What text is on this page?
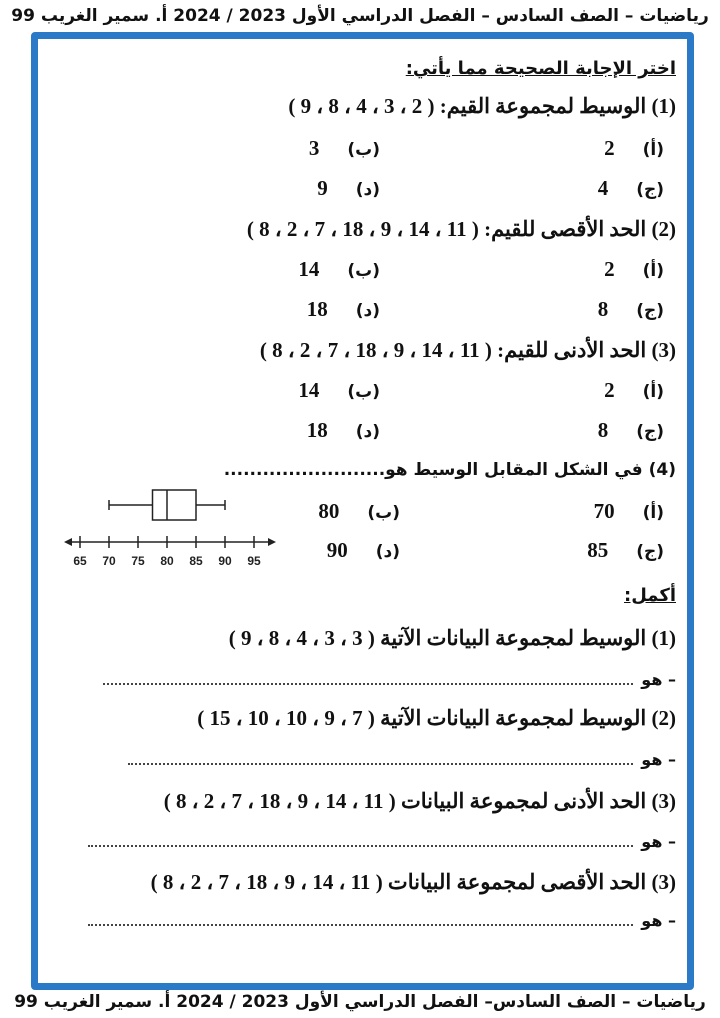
رياضيات – الصف السادس – الفصل الدراسي الأول 2023 / 2024 أ. سمير الغريب 99
اختر الإجابة الصحيحة مما يأتي:
(1) الوسيط لمجموعة القيم: ( 2 ، 3 ، 4 ، 8 ، 9 )
(أ)2
(ب)3
(ج)4
(د)9
(2) الحد الأقصى للقيم: ( 11 ، 14 ، 9 ، 18 ، 7 ، 2 ، 8 )
(أ)2
(ب)14
(ج)8
(د)18
(3) الحد الأدنى للقيم: ( 11 ، 14 ، 9 ، 18 ، 7 ، 2 ، 8 )
(أ)2
(ب)14
(ج)8
(د)18
(4) في الشكل المقابل الوسيط هو.........................
(أ)70
(ب)80
(ج)85
(د)90
65 70 75 80 85 90 95
أكمل:
(1) الوسيط لمجموعة البيانات الآتية ( 3 ، 3 ، 4 ، 8 ، 9 )
– هو
(2) الوسيط لمجموعة البيانات الآتية ( 7 ، 9 ، 10 ، 10 ، 15 )
– هو
(3) الحد الأدنى لمجموعة البيانات ( 11 ، 14 ، 9 ، 18 ، 7 ، 2 ، 8 )
– هو
(3) الحد الأقصى لمجموعة البيانات ( 11 ، 14 ، 9 ، 18 ، 7 ، 2 ، 8 )
– هو
رياضيات – الصف السادس– الفصل الدراسي الأول 2023 / 2024 أ. سمير الغريب 99
